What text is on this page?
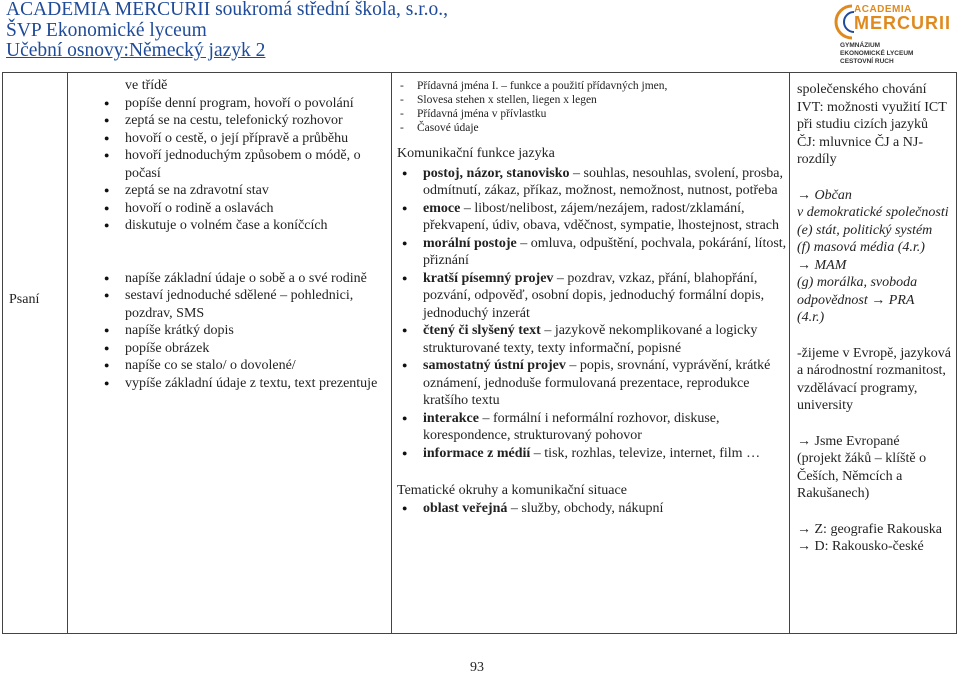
ACADEMIA MERCURII soukromá střední škola, s.r.o.,
ŠVP Ekonomické lyceum
Učební osnovy:Německý jazyk 2
ACADEMIA
MERCURII
GYMNÁZIUM
EKONOMICKÉ LYCEUM
CESTOVNÍ RUCH
Psaní
ve třídě
● popíše denní program, hovoří o povolání
● zeptá se na cestu, telefonický rozhovor
● hovoří o cestě, o její přípravě a průběhu
● hovoří jednoduchým způsobem o módě, o počasí
● zeptá se na zdravotní stav
● hovoří o rodině a oslavách
● diskutuje o volném čase a koníčcích
● napíše základní údaje o sobě a o své rodině
● sestaví jednoduché sdělené – pohlednici, pozdrav, SMS
● napíše krátký dopis
● popíše obrázek
● napíše co se stalo/ o dovolené/
● vypíše základní údaje z textu, text prezentuje
- Přídavná jména I. – funkce a použití přídavných jmen,
- Slovesa stehen x stellen, liegen x legen
- Přídavná jména v přívlastku
- Časové údaje
Komunikační funkce jazyka
● postoj, názor, stanovisko – souhlas, nesouhlas, svolení, prosba, odmítnutí, zákaz, příkaz, možnost, nemožnost, nutnost, potřeba
● emoce – libost/nelibost, zájem/nezájem, radost/zklamání, překvapení, údiv, obava, vděčnost, sympatie, lhostejnost, strach
● morální postoje – omluva, odpuštění, pochvala, pokárání, lítost, přiznání
● kratší písemný projev – pozdrav, vzkaz, přání, blahopřání, pozvání, odpověď, osobní dopis, jednoduchý formální dopis, jednoduchý inzerát
● čtený či slyšený text – jazykově nekomplikované a logicky strukturované texty, texty informační, popisné
● samostatný ústní projev – popis, srovnání, vyprávění, krátké oznámení, jednoduše formulovaná prezentace, reprodukce kratšího textu
● interakce – formální i neformální rozhovor, diskuse, korespondence, strukturovaný pohovor
● informace z médií – tisk, rozhlas, televize, internet, film …
Tematické okruhy a komunikační situace
● oblast veřejná – služby, obchody, nákupní
společenského chování
IVT: možnosti využití ICT při studiu cizích jazyků
ČJ: mluvnice ČJ a NJ-rozdíly
→ Občan
v demokratické společnosti
(e) stát, politický systém
(f) masová média (4.r.)
→ MAM
(g) morálka, svoboda
odpovědnost → PRA
(4.r.)
-žijeme v Evropě, jazyková a národnostní rozmanitost, vzdělávací programy, university
→ Jsme Evropané
(projekt žáků – klíště o Češích, Němcích a Rakušanech)
→ Z: geografie Rakouska
→ D: Rakousko-české
93
